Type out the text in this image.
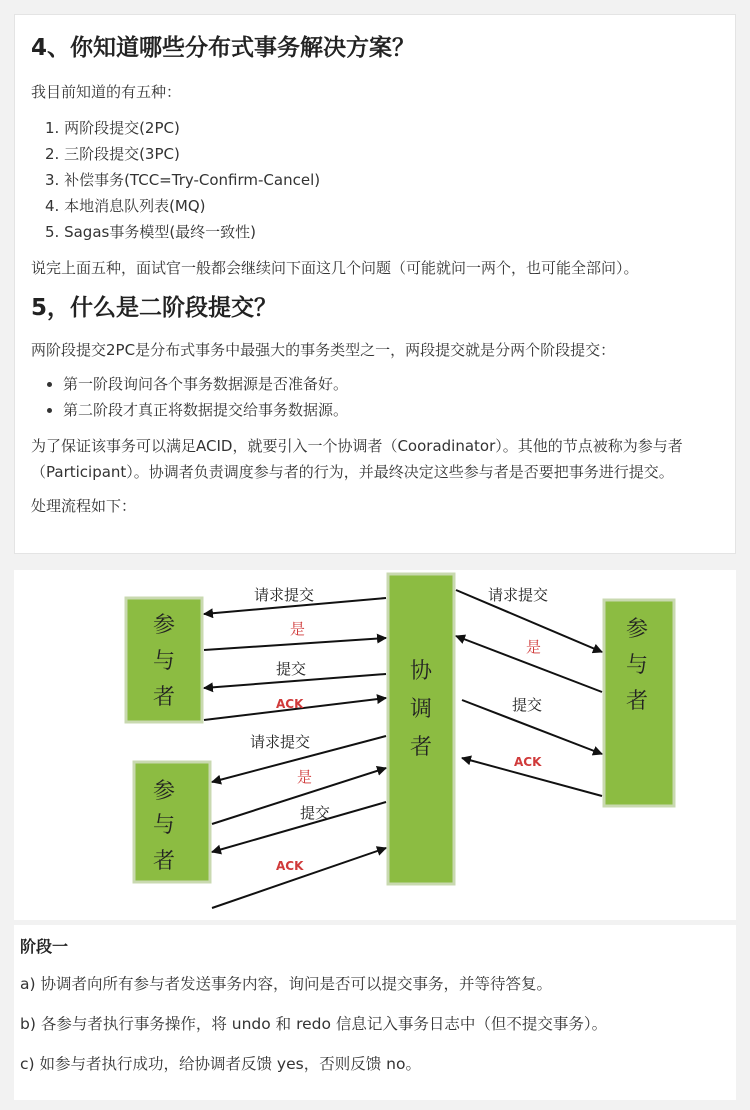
4、你知道哪些分布式事务解决方案？

我目前知道的有五种：

1. 两阶段提交(2PC)
2. 三阶段提交(3PC)
3. 补偿事务(TCC=Try-Confirm-Cancel)
4. 本地消息队列表(MQ)
5. Sagas事务模型(最终一致性)

说完上面五种，面试官一般都会继续问下面这几个问题（可能就问一两个，也可能全部问）。

5，什么是二阶段提交？

两阶段提交2PC是分布式事务中最强大的事务类型之一，两段提交就是分两个阶段提交：

• 第一阶段询问各个事务数据源是否准备好。
• 第二阶段才真正将数据提交给事务数据源。

为了保证该事务可以满足ACID，就要引入一个协调者（Cooradinator）。其他的节点被称为参与者（Participant）。协调者负责调度参与者的行为，并最终决定这些参与者是否要把事务进行提交。

处理流程如下：

参
与
者
参
与
者
协
调
者
参
与
者
请求提交
是
提交
ACK
请求提交
是
提交
ACK
请求提交
是
提交
ACK

阶段一

a) 协调者向所有参与者发送事务内容，询问是否可以提交事务，并等待答复。

b) 各参与者执行事务操作，将 undo 和 redo 信息记入事务日志中（但不提交事务）。

c) 如参与者执行成功，给协调者反馈 yes，否则反馈 no。
